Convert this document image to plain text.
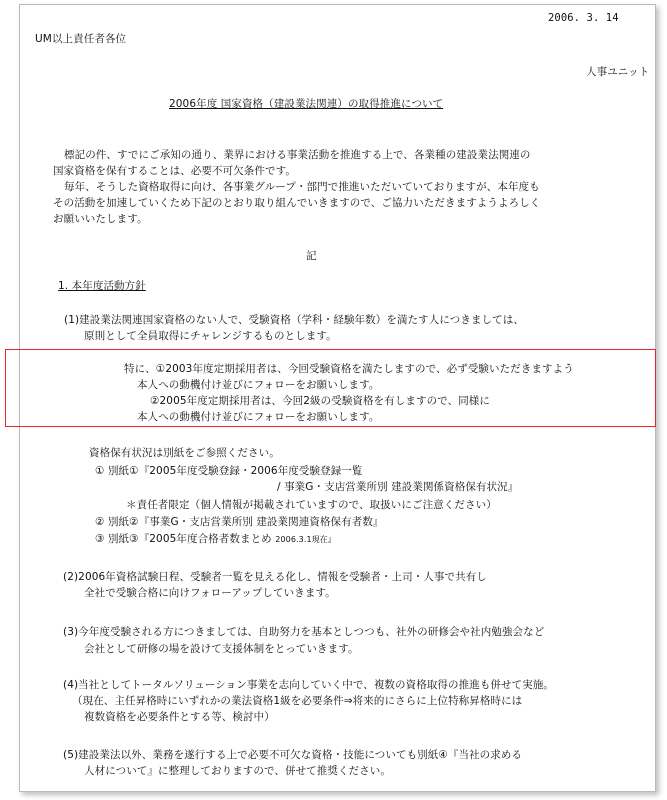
2006. 3. 14
UM以上責任者各位
人事ユニット
2006年度 国家資格（建設業法関連）の取得推進について
標記の件、すでにご承知の通り、業界における事業活動を推進する上で、各業種の建設業法関連の
国家資格を保有することは、必要不可欠条件です。
毎年、そうした資格取得に向け、各事業グループ・部門で推進いただいていておりますが、本年度も
その活動を加速していくため下記のとおり取り組んでいきますので、ご協力いただきますようよろしく
お願いいたします。
記
1. 本年度活動方針
(1)建設業法関連国家資格のない人で、受験資格（学科・経験年数）を満たす人につきましては、
原則として全員取得にチャレンジするものとします。
特に、①2003年度定期採用者は、今回受験資格を満たしますので、必ず受験いただきますよう
本人への動機付け並びにフォローをお願いします。
②2005年度定期採用者は、今回2級の受験資格を有しますので、同様に
本人への動機付け並びにフォローをお願いします。
資格保有状況は別紙をご参照ください。
① 別紙①『2005年度受験登録・2006年度受験登録一覧
/ 事業G・支店営業所別 建設業関係資格保有状況』
＊責任者限定（個人情報が掲載されていますので、取扱いにご注意ください）
② 別紙②『事業G・支店営業所別 建設業関連資格保有者数』
③ 別紙③『2005年度合格者数まとめ 2006.3.1現在』
(2)2006年資格試験日程、受験者一覧を見える化し、情報を受験者・上司・人事で共有し
全社で受験合格に向けフォローアップしていきます。
(3)今年度受験される方につきましては、自助努力を基本としつつも、社外の研修会や社内勉強会など
会社として研修の場を設けて支援体制をとっていきます。
(4)当社としてトータルソリューション事業を志向していく中で、複数の資格取得の推進も併せて実施。
（現在、主任昇格時にいずれかの業法資格1級を必要条件⇒将来的にさらに上位特称昇格時には
複数資格を必要条件とする等、検討中）
(5)建設業法以外、業務を遂行する上で必要不可欠な資格・技能についても別紙④『当社の求める
人材について』に整理しておりますので、併せて推奨ください。
